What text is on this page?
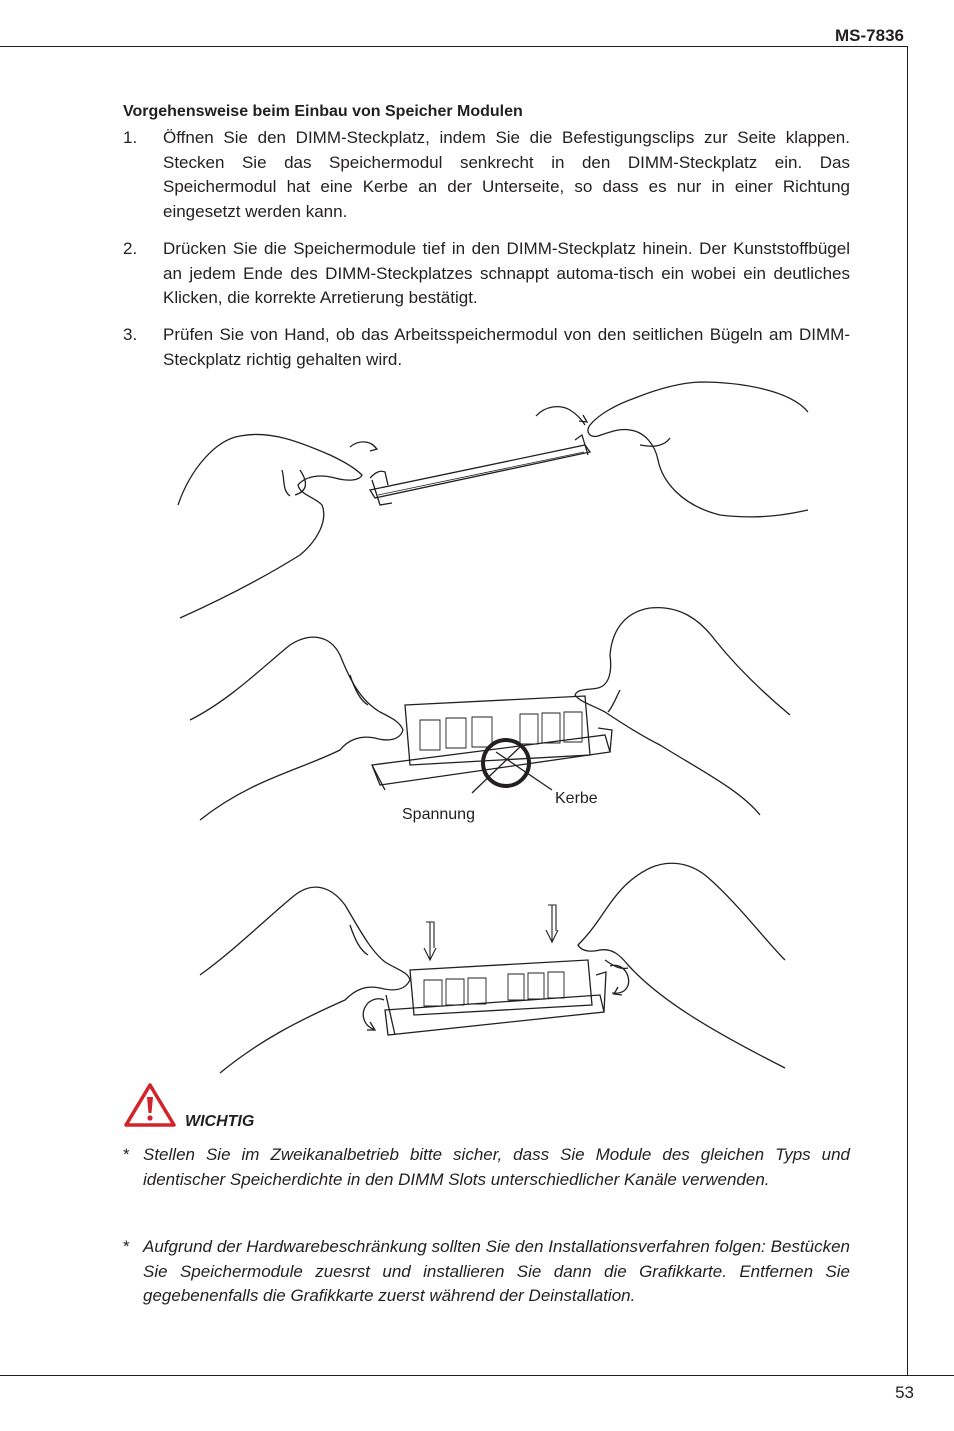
MS-7836
Vorgehensweise beim Einbau von Speicher Modulen
1. Öffnen Sie den DIMM-Steckplatz, indem Sie die Befestigungsclips zur Seite klappen. Stecken Sie das Speichermodul senkrecht in den DIMM-Steckplatz ein. Das Speichermodul hat eine Kerbe an der Unterseite, so dass es nur in einer Richtung eingesetzt werden kann.
2. Drücken Sie die Speichermodule tief in den DIMM-Steckplatz hinein. Der Kunststoffbügel an jedem Ende des DIMM-Steckplatzes schnappt automa-tisch ein wobei ein deutliches Klicken, die korrekte Arretierung bestätigt.
3. Prüfen Sie von Hand, ob das Arbeitsspeichermodul von den seitlichen Bügeln am DIMM-Steckplatz richtig gehalten wird.
Kerbe
Spannung
WICHTIG
* Stellen Sie im Zweikanalbetrieb bitte sicher, dass Sie Module des gleichen Typs und identischer Speicherdichte in den DIMM Slots unterschiedlicher Kanäle verwenden.
* Aufgrund der Hardwarebeschränkung sollten Sie den Installationsverfahren folgen: Bestücken Sie Speichermodule zuesrst und installieren Sie dann die Grafikkarte. Entfernen Sie gegebenenfalls die Grafikkarte zuerst während der Deinstallation.
53
